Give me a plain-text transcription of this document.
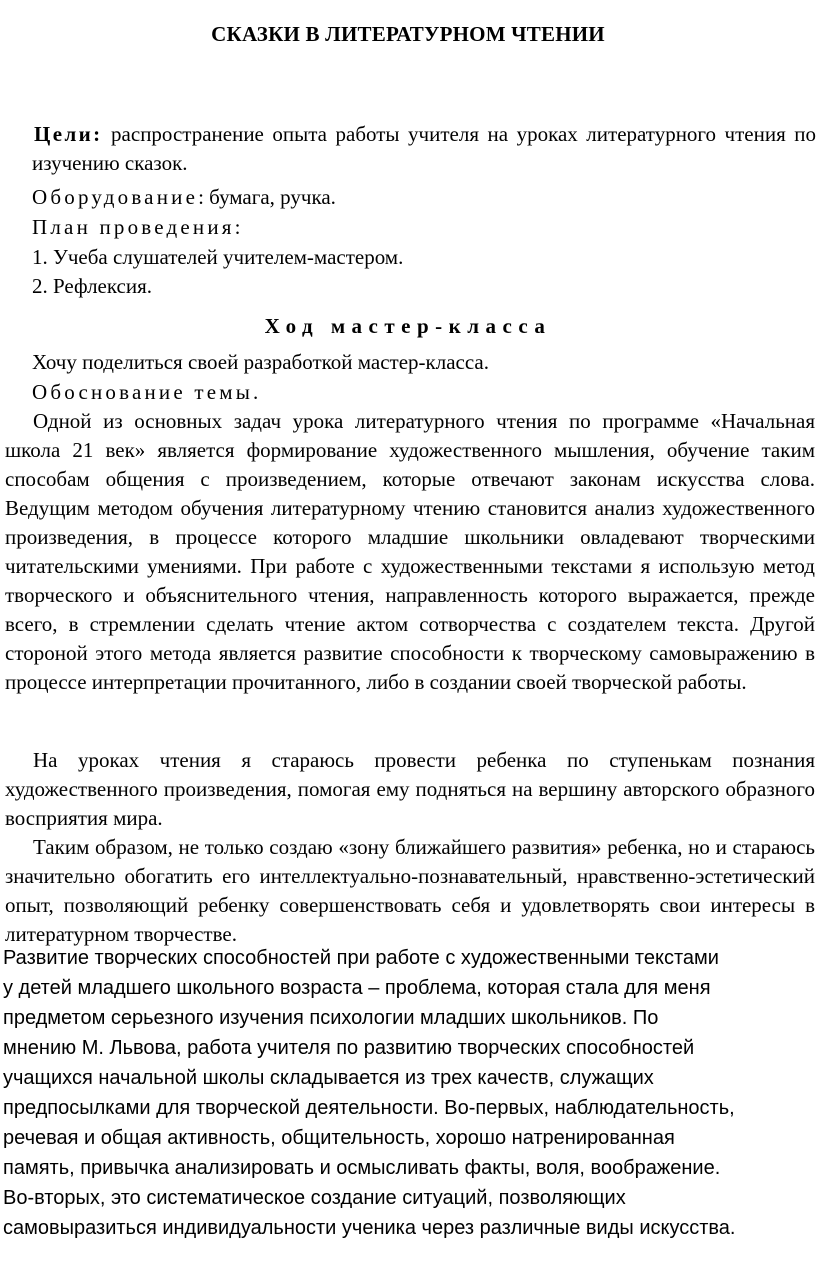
СКАЗКИ В ЛИТЕРАТУРНОМ ЧТЕНИИ
Цели: распространение опыта работы учителя на уроках литературного чтения по изучению сказок.
Оборудование: бумага, ручка.
План проведения:
1. Учеба слушателей учителем-мастером.
2. Рефлексия.
Ход мастер-класса
Хочу поделиться своей разработкой мастер-класса.
Обоснование темы.
Одной из основных задач урока литературного чтения по программе «Начальная школа 21 век» является формирование художественного мышления, обучение таким способам общения с произведением, которые отвечают законам искусства слова. Ведущим методом обучения литературному чтению становится анализ художественного произведения, в процессе которого младшие школьники овладевают творческими читательскими умениями. При работе с художественными текстами я использую метод творческого и объяснительного чтения, направленность которого выражается, прежде всего, в стремлении сделать чтение актом сотворчества с создателем текста. Другой стороной этого метода является развитие способности к творческому самовыражению в процессе интерпретации прочитанного, либо в создании своей творческой работы.
На уроках чтения я стараюсь провести ребенка по ступенькам познания художественного произведения, помогая ему подняться на вершину авторского образного восприятия мира.
Таким образом, не только создаю «зону ближайшего развития» ребенка, но и стараюсь значительно обогатить его интеллектуально-познавательный, нравственно-эстетический опыт, позволяющий ребенку совершенствовать себя и удовлетворять свои интересы в литературном творчестве.

Развитие творческих способностей при работе с художественными текстами

у детей младшего школьного возраста – проблема, которая стала для меня

предметом серьезного изучения психологии младших школьников. По

мнению М. Львова, работа учителя по развитию творческих способностей

учащихся начальной школы складывается из трех качеств, служащих

предпосылками для творческой деятельности. Во-первых, наблюдательность,

речевая и общая активность, общительность, хорошо натренированная

память, привычка анализировать и осмысливать факты, воля, воображение.

Во-вторых, это систематическое создание ситуаций, позволяющих

самовыразиться индивидуальности ученика через различные виды искусства.
